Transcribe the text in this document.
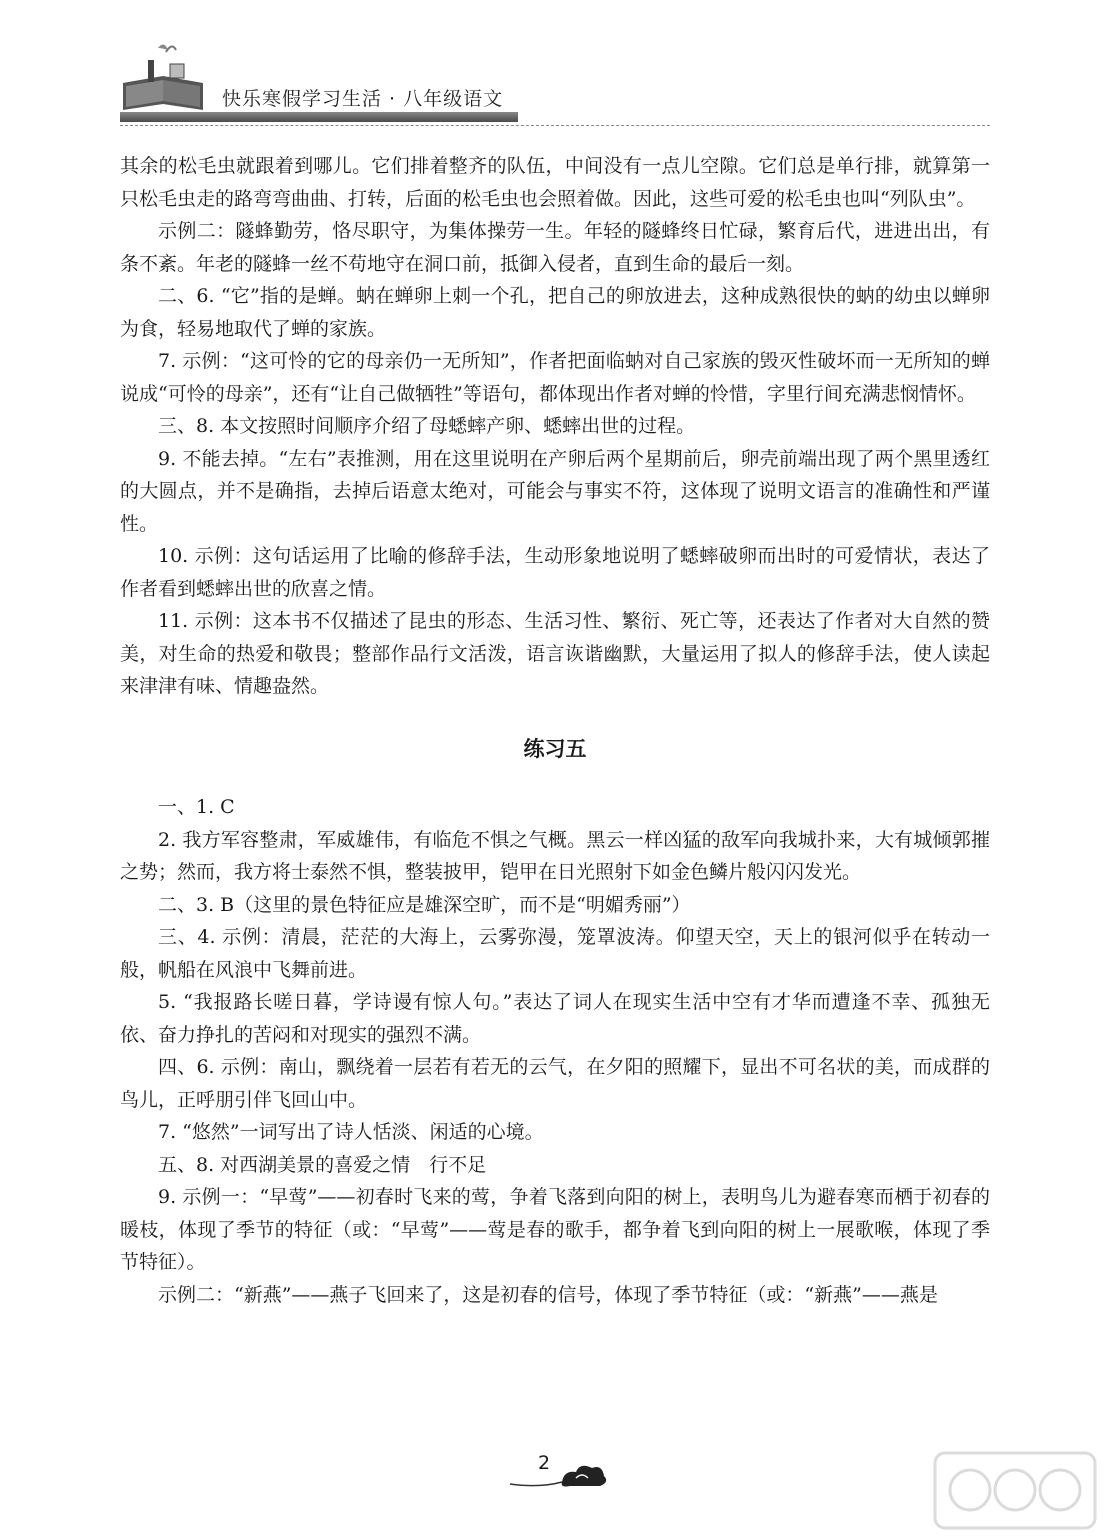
快乐寒假学习生活 · 八年级语文

其余的松毛虫就跟着到哪儿。它们排着整齐的队伍，中间没有一点儿空隙。它们总是单行排，就算第一只松毛虫走的路弯弯曲曲、打转，后面的松毛虫也会照着做。因此，这些可爱的松毛虫也叫“列队虫”。

示例二：隧蜂勤劳，恪尽职守，为集体操劳一生。年轻的隧蜂终日忙碌，繁育后代，进进出出，有条不紊。年老的隧蜂一丝不苟地守在洞口前，抵御入侵者，直到生命的最后一刻。

二、6. “它”指的是蝉。蚋在蝉卵上刺一个孔，把自己的卵放进去，这种成熟很快的蚋的幼虫以蝉卵为食，轻易地取代了蝉的家族。

7. 示例：“这可怜的它的母亲仍一无所知”，作者把面临蚋对自己家族的毁灭性破坏而一无所知的蝉说成“可怜的母亲”，还有“让自己做牺牲”等语句，都体现出作者对蝉的怜惜，字里行间充满悲悯情怀。

三、8. 本文按照时间顺序介绍了母蟋蟀产卵、蟋蟀出世的过程。

9. 不能去掉。“左右”表推测，用在这里说明在产卵后两个星期前后，卵壳前端出现了两个黑里透红的大圆点，并不是确指，去掉后语意太绝对，可能会与事实不符，这体现了说明文语言的准确性和严谨性。

10. 示例：这句话运用了比喻的修辞手法，生动形象地说明了蟋蟀破卵而出时的可爱情状，表达了作者看到蟋蟀出世的欣喜之情。

11. 示例：这本书不仅描述了昆虫的形态、生活习性、繁衍、死亡等，还表达了作者对大自然的赞美，对生命的热爱和敬畏；整部作品行文活泼，语言诙谐幽默，大量运用了拟人的修辞手法，使人读起来津津有味、情趣盎然。

练习五

一、1. C

2. 我方军容整肃，军威雄伟，有临危不惧之气概。黑云一样凶猛的敌军向我城扑来，大有城倾郭摧之势；然而，我方将士泰然不惧，整装披甲，铠甲在日光照射下如金色鳞片般闪闪发光。

二、3. B（这里的景色特征应是雄深空旷，而不是“明媚秀丽”）

三、4. 示例：清晨，茫茫的大海上，云雾弥漫，笼罩波涛。仰望天空，天上的银河似乎在转动一般，帆船在风浪中飞舞前进。

5. “我报路长嗟日暮，学诗谩有惊人句。”表达了词人在现实生活中空有才华而遭逢不幸、孤独无依、奋力挣扎的苦闷和对现实的强烈不满。

四、6. 示例：南山，飘绕着一层若有若无的云气，在夕阳的照耀下，显出不可名状的美，而成群的鸟儿，正呼朋引伴飞回山中。

7. “悠然”一词写出了诗人恬淡、闲适的心境。

五、8. 对西湖美景的喜爱之情　行不足

9. 示例一：“早莺”——初春时飞来的莺，争着飞落到向阳的树上，表明鸟儿为避春寒而栖于初春的暖枝，体现了季节的特征（或：“早莺”——莺是春的歌手，都争着飞到向阳的树上一展歌喉，体现了季节特征）。

示例二：“新燕”——燕子飞回来了，这是初春的信号，体现了季节特征（或：“新燕”——燕是

2
